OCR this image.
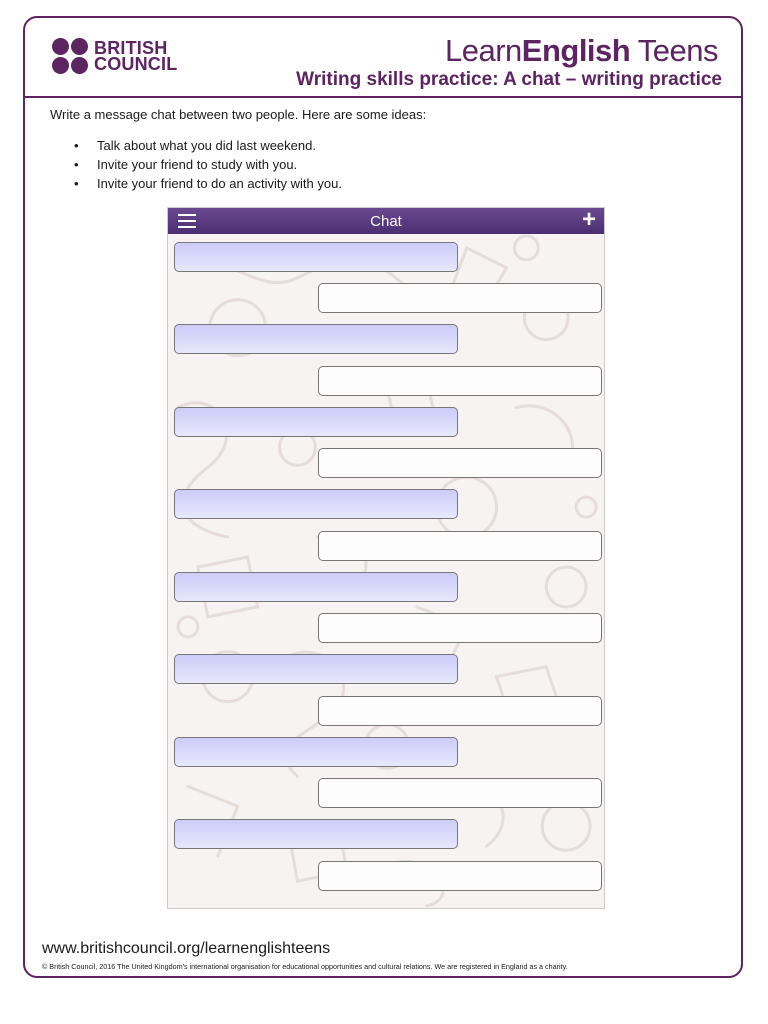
BRITISH
COUNCIL	LearnEnglish Teens
Writing skills practice: A chat – writing practice
Write a message chat between two people. Here are some ideas:
• Talk about what you did last weekend.
• Invite your friend to study with you.
• Invite your friend to do an activity with you.
Chat	+
www.britishcouncil.org/learnenglishteens
© British Council, 2016 The United Kingdom's international organisation for educational opportunities and cultural relations. We are registered in England as a charity.
